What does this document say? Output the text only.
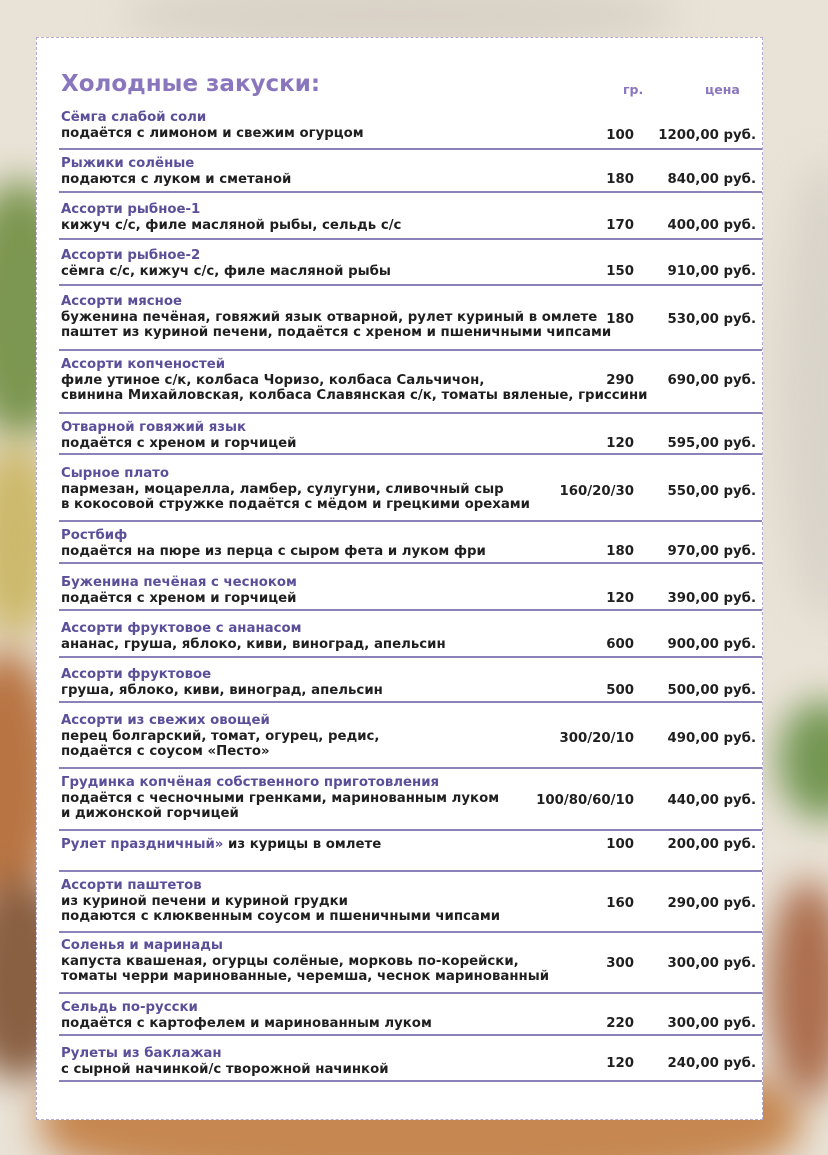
Холодные закуски:	гр.	цена
Сёмга слабой соли
подаётся с лимоном и свежим огурцом	100 1200,00 руб.
Рыжики солёные
подаются с луком и сметаной	180	840,00 руб.
Ассорти рыбное-1
кижуч с/с, филе масляной рыбы, сельдь с/с	170	400,00 руб.
Ассорти рыбное-2
сёмга с/с, кижуч с/с, филе масляной рыбы	150	910,00 руб.
Ассорти мясное
буженина печёная, говяжий язык отварной, рулет куриный в омлете
паштет из куриной печени, подаётся с хреном и пшеничными чипсами
180	530,00 руб.
Ассорти копченостей
филе утиное с/к, колбаса Чоризо, колбаса Сальчичон,
свинина Михайловская, колбаса Славянская с/к, томаты вяленые, гриссини
290	690,00 руб.
Отварной говяжий язык
подаётся с хреном и горчицей	120	595,00 руб.
Сырное плато
пармезан, моцарелла, ламбер, сулугуни, сливочный сыр
в кокосовой стружке подаётся с мёдом и грецкими орехами
160/20/30	550,00 руб.
Ростбиф
подаётся на пюре из перца с сыром фета и луком фри	180	970,00 руб.
Буженина печёная с чесноком
подаётся с хреном и горчицей	120	390,00 руб.
Ассорти фруктовое с ананасом
ананас, груша, яблоко, киви, виноград, апельсин	600	900,00 руб.
Ассорти фруктовое
груша, яблоко, киви, виноград, апельсин	500	500,00 руб.
Ассорти из свежих овощей
перец болгарский, томат, огурец, редис,
подаётся с соусом «Песто»
300/20/10	490,00 руб.
Грудинка копчёная собственного приготовления
подаётся с чесночными гренками, маринованным луком
и дижонской горчицей
100/80/60/10	440,00 руб.
Рулет праздничный» из курицы в омлете	100	200,00 руб.
Ассорти паштетов
из куриной печени и куриной грудки
подаются с клюквенным соусом и пшеничными чипсами
160	290,00 руб.
Соленья и маринады
капуста квашеная, огурцы солёные, морковь по-корейски,
томаты черри маринованные, черемша, чеснок маринованный
300	300,00 руб.
Сельдь по-русски
подаётся с картофелем и маринованным луком	220	300,00 руб.
Рулеты из баклажан
с сырной начинкой/с творожной начинкой	120	240,00 руб.
